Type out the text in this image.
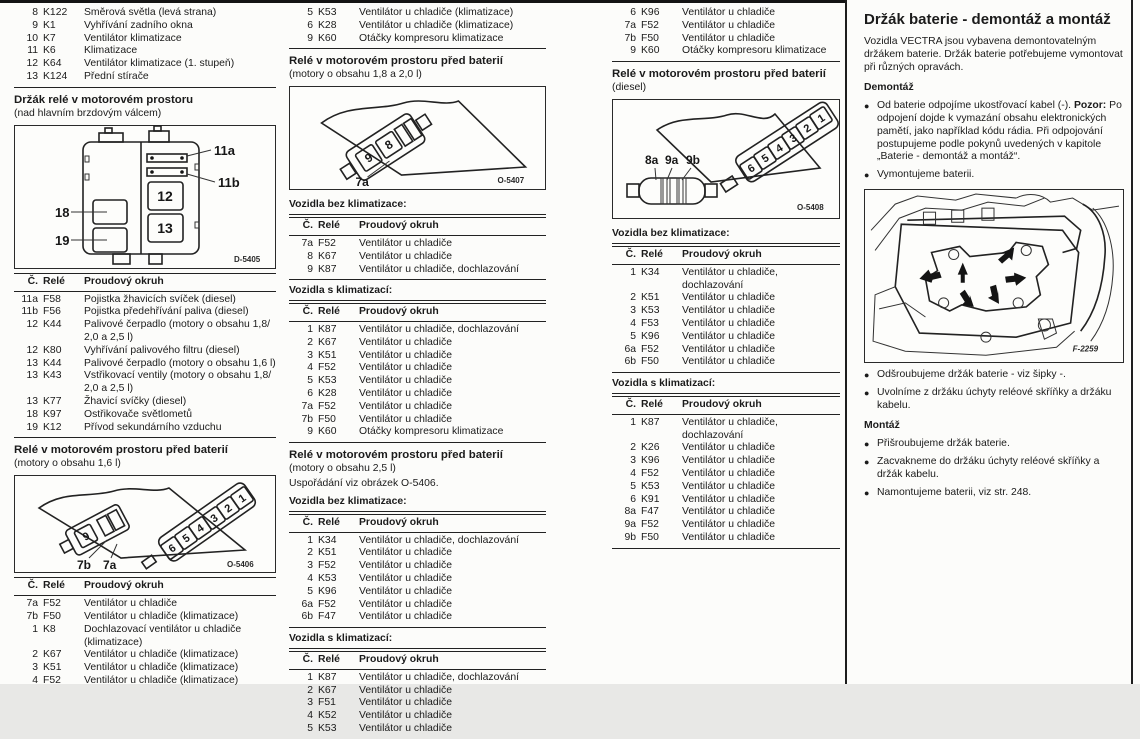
8 K122	Směrová světla (levá strana)
9 K1	Vyhřívání zadního okna
10 K7	Ventilátor klimatizace
11 K6	Klimatizace
12 K64	Ventilátor klimatizace (1. stupeň)
13 K124	Přední stírače
Držák relé v motorovém prostoru
(nad hlavním brzdovým válcem)
11a
11b
12
13
18
19
D-5405
Č. Relé	Proudový okruh
11a F58	Pojistka žhavicích svíček (diesel)
11b F56	Pojistka předehřívání paliva (diesel)
12 K44	Palivové čerpadlo (motory o obsahu 1,8/ 2,0 a 2,5 l)
12 K80	Vyhřívání palivového filtru (diesel)
13 K44	Palivové čerpadlo (motory o obsahu 1,6 l)
13 K43	Vstřikovací ventily (motory o obsahu 1,8/ 2,0 a 2,5 l)
13 K77	Žhavicí svíčky (diesel)
18 K97	Ostřikovače světlometů
19 K12	Přívod sekundárního vzduchu
Relé v motorovém prostoru před baterií
(motory o obsahu 1,6 l)
6
5
4
3
2
1
9
7b 7a	O-5406
Č. Relé	Proudový okruh
7a F52	Ventilátor u chladiče
7b F50	Ventilátor u chladiče (klimatizace)
1 K8	Dochlazovací ventilátor u chladiče (klimatizace)
2 K67	Ventilátor u chladiče (klimatizace)
3 K51	Ventilátor u chladiče (klimatizace)
4 F52	Ventilátor u chladiče (klimatizace)
5 K53	Ventilátor u chladiče (klimatizace)
6 K28	Ventilátor u chladiče (klimatizace)
9 K60	Otáčky kompresoru klimatizace
Relé v motorovém prostoru před baterií
(motory o obsahu 1,8 a 2,0 l)
9
8
7a	O-5407
Vozidla bez klimatizace:
Č. Relé	Proudový okruh
7a F52	Ventilátor u chladiče
8 K67	Ventilátor u chladiče
9 K87	Ventilátor u chladiče, dochlazování
Vozidla s klimatizací:
Č. Relé	Proudový okruh
1 K87	Ventilátor u chladiče, dochlazování
2 K67	Ventilátor u chladiče
3 K51	Ventilátor u chladiče
4 F52	Ventilátor u chladiče
5 K53	Ventilátor u chladiče
6 K28	Ventilátor u chladiče
7a F52	Ventilátor u chladiče
7b F50	Ventilátor u chladiče
9 K60	Otáčky kompresoru klimatizace
Relé v motorovém prostoru před baterií
(motory o obsahu 2,5 l)
Uspořádání viz obrázek O-5406.
Vozidla bez klimatizace:
Č. Relé	Proudový okruh
1 K34	Ventilátor u chladiče, dochlazování
2 K51	Ventilátor u chladiče
3 F52	Ventilátor u chladiče
4 K53	Ventilátor u chladiče
5 K96	Ventilátor u chladiče
6a F52	Ventilátor u chladiče
6b F47	Ventilátor u chladiče
Vozidla s klimatizací:
Č. Relé	Proudový okruh
1 K87	Ventilátor u chladiče, dochlazování
2 K67	Ventilátor u chladiče
3 F51	Ventilátor u chladiče
4 K52	Ventilátor u chladiče
5 K53	Ventilátor u chladiče
6 K96	Ventilátor u chladiče
7a F52	Ventilátor u chladiče
7b F50	Ventilátor u chladiče
9 K60	Otáčky kompresoru klimatizace
Relé v motorovém prostoru před baterií (diesel)
6
5
4
3
2
1
8a 9a 9b
O-5408
Vozidla bez klimatizace:
Č. Relé	Proudový okruh
1 K34	Ventilátor u chladiče, dochlazování
2 K51	Ventilátor u chladiče
3 K53	Ventilátor u chladiče
4 F53	Ventilátor u chladiče
5 K96	Ventilátor u chladiče
6a F52	Ventilátor u chladiče
6b F50	Ventilátor u chladiče
Vozidla s klimatizací:
Č. Relé	Proudový okruh
1 K87	Ventilátor u chladiče, dochlazování
2 K26	Ventilátor u chladiče
3 K96	Ventilátor u chladiče
4 F52	Ventilátor u chladiče
5 K53	Ventilátor u chladiče
6 K91	Ventilátor u chladiče
8a F47	Ventilátor u chladiče
9a F52	Ventilátor u chladiče
9b F50	Ventilátor u chladiče
Držák baterie - demontáž a montáž
Vozidla VECTRA jsou vybavena demontovatelným držákem baterie. Držák baterie potřebujeme vymontovat při různých opravách.
Demontáž
● Od baterie odpojíme ukostřovací kabel (-). Pozor: Po odpojení dojde k vymazání obsahu elektronických pamětí, jako například kódu rádia. Při odpojování postupujeme podle pokynů uvedených v kapitole „Baterie - demontáž a montáž“.
● Vymontujeme baterii.
F-2259
● Odšroubujeme držák baterie - viz šipky -.
● Uvolníme z držáku úchyty reléové skříňky a držáku kabelu.
Montáž
● Přišroubujeme držák baterie.
● Zacvakneme do držáku úchyty reléové skříňky a držák kabelu.
● Namontujeme baterii, viz str. 248.
